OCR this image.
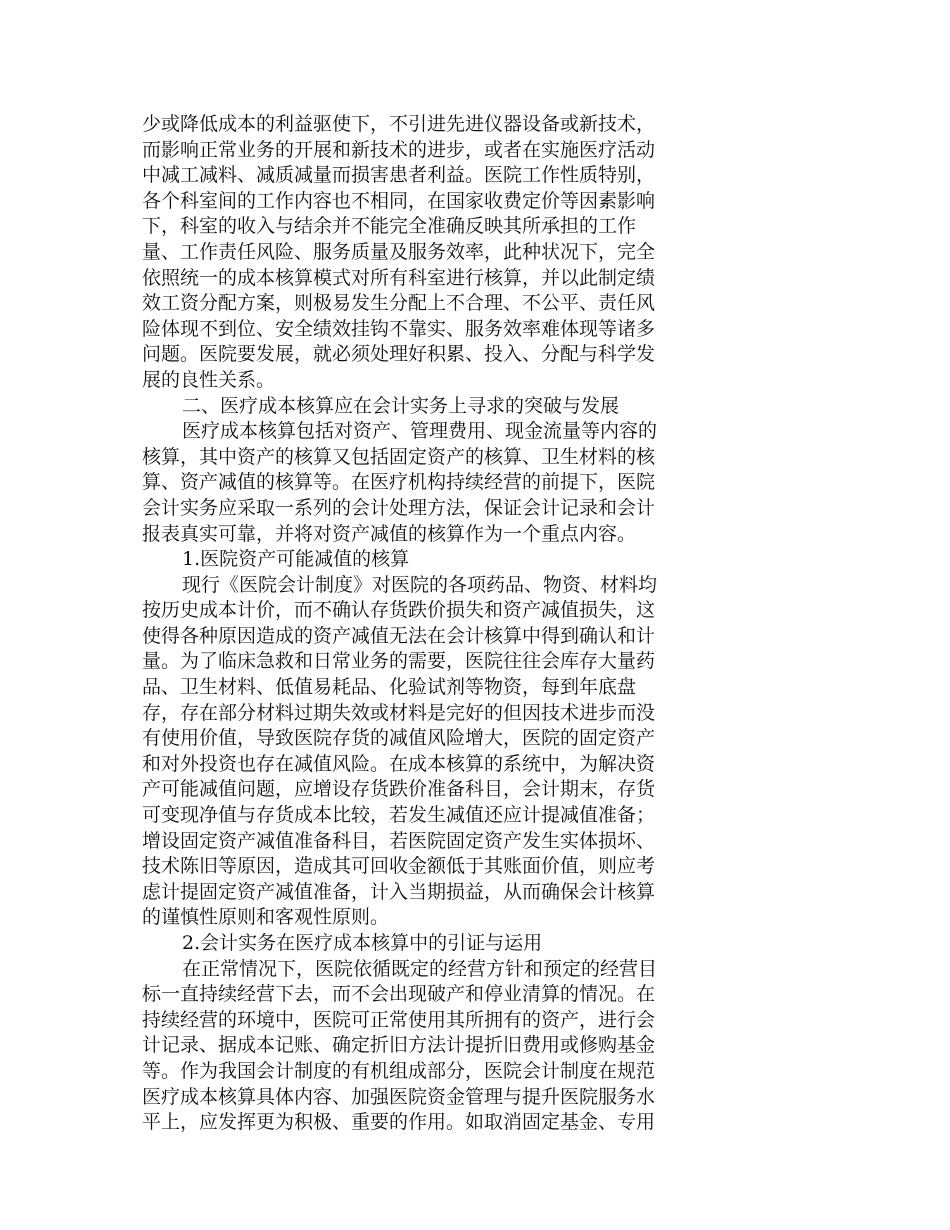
少或降低成本的利益驱使下，不引进先进仪器设备或新技术，
而影响正常业务的开展和新技术的进步，或者在实施医疗活动
中减工减料、减质减量而损害患者利益。医院工作性质特别，
各个科室间的工作内容也不相同，在国家收费定价等因素影响
下，科室的收入与结余并不能完全准确反映其所承担的工作
量、工作责任风险、服务质量及服务效率，此种状况下，完全
依照统一的成本核算模式对所有科室进行核算，并以此制定绩
效工资分配方案，则极易发生分配上不合理、不公平、责任风
险体现不到位、安全绩效挂钩不靠实、服务效率难体现等诸多
问题。医院要发展，就必须处理好积累、投入、分配与科学发
展的良性关系。
二、医疗成本核算应在会计实务上寻求的突破与发展
医疗成本核算包括对资产、管理费用、现金流量等内容的
核算，其中资产的核算又包括固定资产的核算、卫生材料的核
算、资产减值的核算等。在医疗机构持续经营的前提下，医院
会计实务应采取一系列的会计处理方法，保证会计记录和会计
报表真实可靠，并将对资产减值的核算作为一个重点内容。
1.医院资产可能减值的核算
现行《医院会计制度》对医院的各项药品、物资、材料均
按历史成本计价，而不确认存货跌价损失和资产减值损失，这
使得各种原因造成的资产减值无法在会计核算中得到确认和计
量。为了临床急救和日常业务的需要，医院往往会库存大量药
品、卫生材料、低值易耗品、化验试剂等物资，每到年底盘
存，存在部分材料过期失效或材料是完好的但因技术进步而没
有使用价值，导致医院存货的减值风险增大，医院的固定资产
和对外投资也存在减值风险。在成本核算的系统中，为解决资
产可能减值问题，应增设存货跌价准备科目，会计期末，存货
可变现净值与存货成本比较，若发生减值还应计提减值准备；
增设固定资产减值准备科目，若医院固定资产发生实体损坏、
技术陈旧等原因，造成其可回收金额低于其账面价值，则应考
虑计提固定资产减值准备，计入当期损益，从而确保会计核算
的谨慎性原则和客观性原则。
2.会计实务在医疗成本核算中的引证与运用
在正常情况下，医院依循既定的经营方针和预定的经营目
标一直持续经营下去，而不会出现破产和停业清算的情况。在
持续经营的环境中，医院可正常使用其所拥有的资产，进行会
计记录、据成本记账、确定折旧方法计提折旧费用或修购基金
等。作为我国会计制度的有机组成部分，医院会计制度在规范
医疗成本核算具体内容、加强医院资金管理与提升医院服务水
平上，应发挥更为积极、重要的作用。如取消固定基金、专用
